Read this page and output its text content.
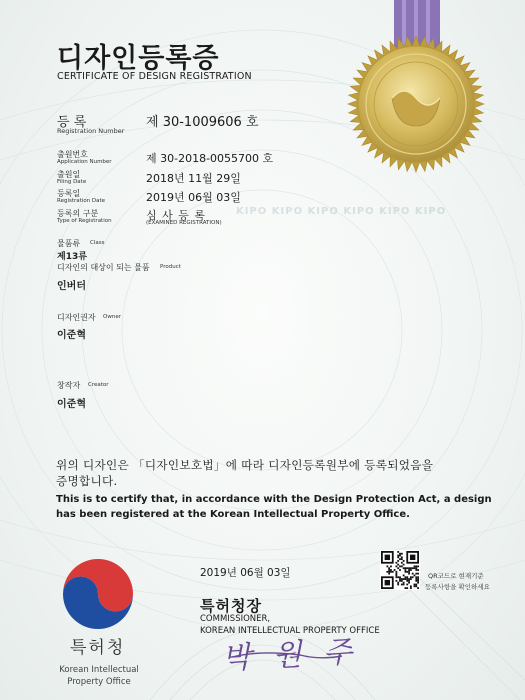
디자인등록증
CERTIFICATE OF DESIGN REGISTRATION
등 록
Registration Number
제 30-1009606 호
출원번호
Application Number	제 30-2018-0055700 호
출원일
Filing Date	2018년 11월 29일
등록일
Registration Date	2019년 06월 03일
등록의 구분
Type of Registration	심 사 등 록
(EXAMINED REGISTRATION)
KIPO KIPO KIPO KIPO KIPO KIPO
물품류 Class
제13류
디자인의 대상이 되는 물품 Product
인버터
디자인권자 Owner
이준혁
창작자 Creator
이준혁
위의 디자인은 「디자인보호법」에 따라 디자인등록원부에 등록되었음을
증명합니다.
This is to certify that, in accordance with the Design Protection Act, a design
has been registered at the Korean Intellectual Property Office.
2019년 06월 03일	QR코드로 현재기준
등록사항을 확인하세요
특허청장
COMMISSIONER,
KOREAN INTELLECTUAL PROPERTY OFFICE
박 원 주
특허청
Korean Intellectual Property Office
